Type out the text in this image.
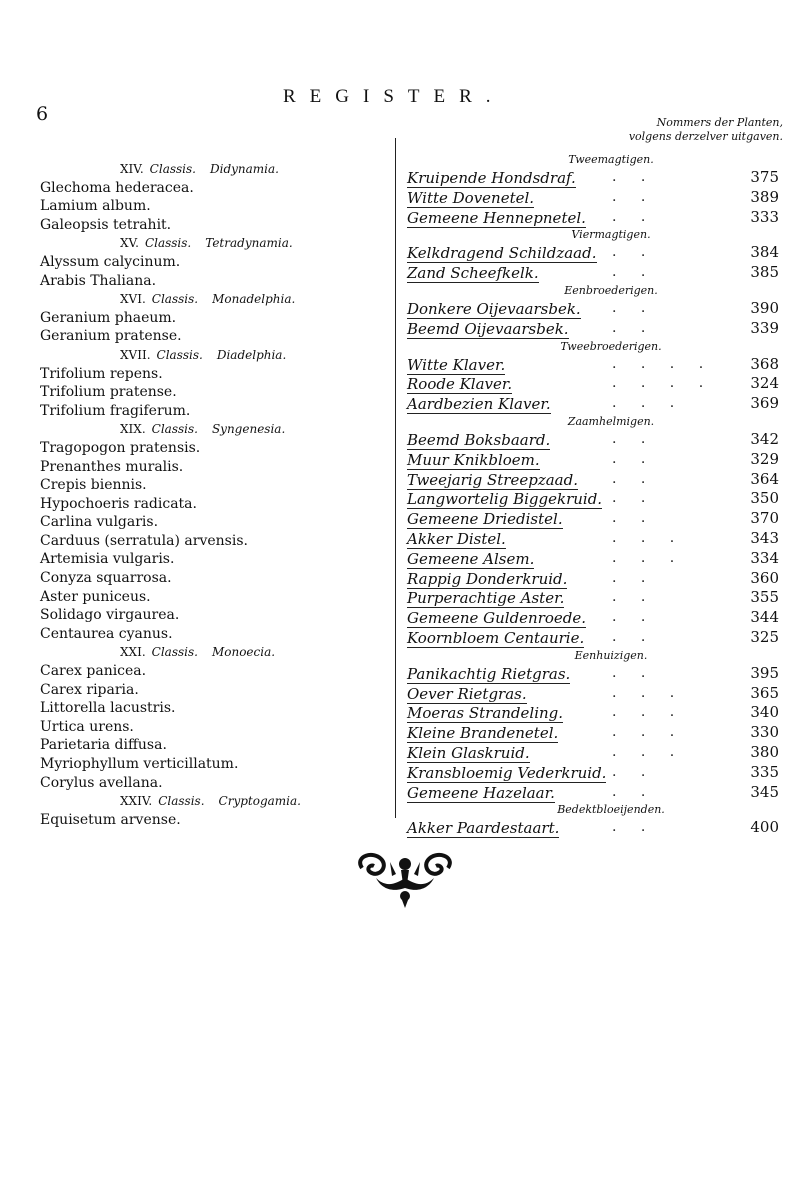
6
REGISTER.
Nommers der Planten,
volgens derzelver uitgaven.
XIV. Classis. Didynamia.
Glechoma hederacea.
Lamium album.
Galeopsis tetrahit.
XV. Classis. Tetradynamia.
Alyssum calycinum.
Arabis Thaliana.
XVI. Classis. Monadelphia.
Geranium phaeum.
Geranium pratense.
XVII. Classis. Diadelphia.
Trifolium repens.
Trifolium pratense.
Trifolium fragiferum.
XIX. Classis. Syngenesia.
Tragopogon pratensis.
Prenanthes muralis.
Crepis biennis.
Hypochoeris radicata.
Carlina vulgaris.
Carduus (serratula) arvensis.
Artemisia vulgaris.
Conyza squarrosa.
Aster puniceus.
Solidago virgaurea.
Centaurea cyanus.
XXI. Classis. Monoecia.
Carex panicea.
Carex riparia.
Littorella lacustris.
Urtica urens.
Parietaria diffusa.
Myriophyllum verticillatum.
Corylus avellana.
XXIV. Classis. Cryptogamia.
Equisetum arvense.
Tweemagtigen.
Kruipende Hondsdraf.	. .	375
Witte Dovenetel.	. .	389
Gemeene Hennepnetel. . .	333
Viermagtigen.
Kelkdragend Schildzaad. . .	384
Zand Scheefkelk.	. .	385
Eenbroederigen.
Donkere Oijevaarsbek. . .	390
Beemd Oijevaarsbek.	. .	339
Tweebroederigen.
Witte Klaver.	. . . . 368
Roode Klaver.	. . . . 324
Aardbezien Klaver.	. . .	369
Zaamhelmigen.
Beemd Boksbaard.	. .	342
Muur Knikbloem.	. .	329
Tweejarig Streepzaad. . .	364
Langwortelig Biggekruid. . .	350
Gemeene Driedistel.	. .	370
Akker Distel.	. . .	343
Gemeene Alsem.	. . .	334
Rappig Donderkruid.	. .	360
Purperachtige Aster.	. .	355
Gemeene Guldenroede. . .	344
Koornbloem Centaurie. . .	325
Eenhuizigen.
Panikachtig Rietgras.	. .	395
Oever Rietgras.	. . .	365
Moeras Strandeling.	. . .	340
Kleine Brandenetel.	. . .	330
Klein Glaskruid.	. . .	380
Kransbloemig Vederkruid. . .	335
Gemeene Hazelaar.	. .	345
Bedektbloeijenden.
Akker Paardestaart.	. .	400
